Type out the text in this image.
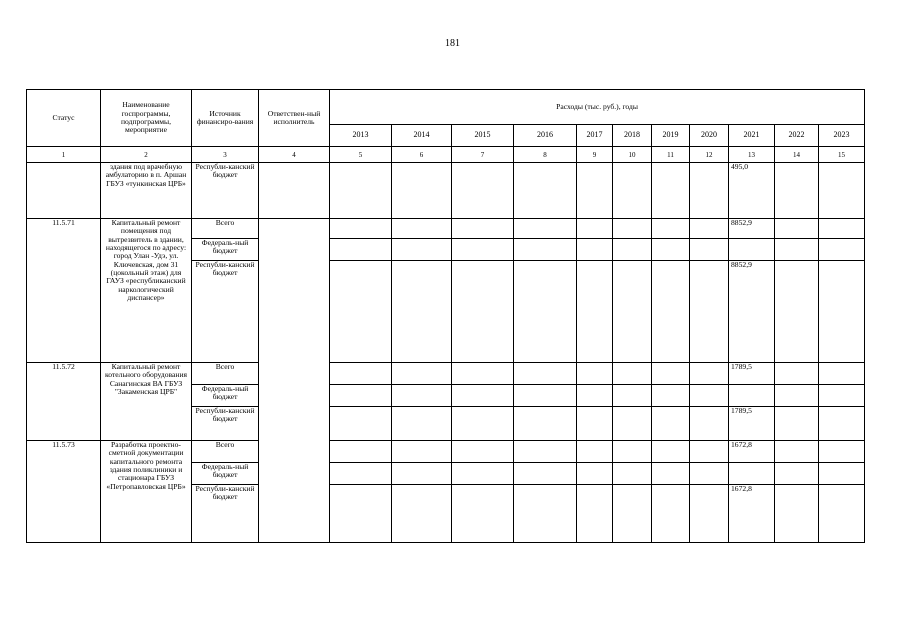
181
Статус	Наименование госпрограммы, подпрограммы, мероприятие	Источник финансиро-вания	Ответствен-ный исполнитель	Расходы (тыс. руб.), годы										
				2013	2014	2015	2016	2017	2018	2019	2020	2021	2022	2023
1	2	3	4	5	6	7	8	9	10	11	12	13	14	15
	здания под врачебную амбулаторию в п. Аршан ГБУЗ «тункинская ЦРБ»	Республи-канский бюджет										495,0		
11.5.71	Капитальный ремонт помещения под вытрезвитель в здании, находящегося по адресу: город Улан -Удэ, ул. Ключевская, дом 31 (цокольный этаж) для ГАУЗ «республиканский наркологический диспансер»	Всего										8852,9		
		Федераль-ный бюджет												
		Республи-канский бюджет										8852,9		
11.5.72	Капитальный ремонт котельного оборудования Санагинская ВА ГБУЗ "Закаменская ЦРБ"	Всего										1789,5		
		Федераль-ный бюджет												
		Республи-канский бюджет										1789,5		
11.5.73	Разработка проектно-сметной документации капитального ремонта здания поликлиники и стационара ГБУЗ «Петропавловская ЦРБ»	Всего										1672,8		
		Федераль-ный бюджет												
		Республи-канский бюджет										1672,8		
